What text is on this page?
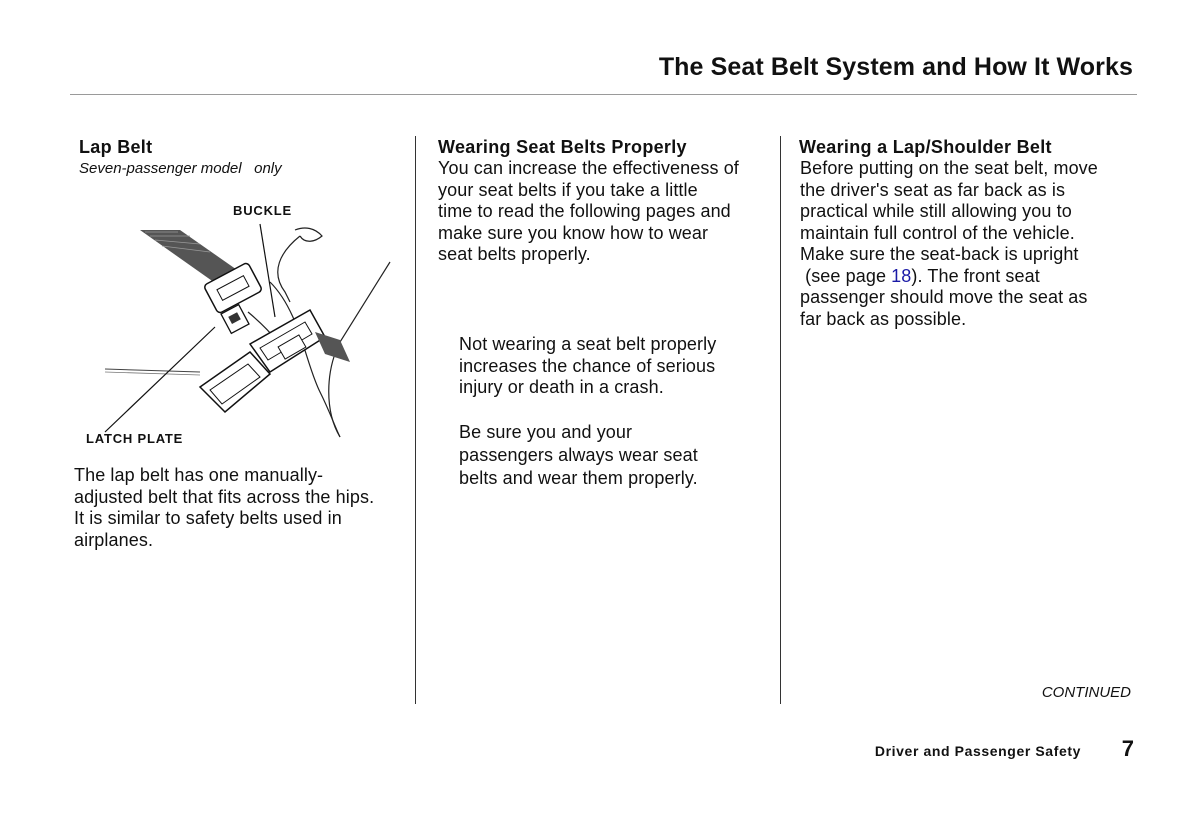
The Seat Belt System and How It Works
Lap Belt
Seven-passenger model   only
BUCKLE
LATCH PLATE

The lap belt has one manually-
adjusted belt that fits across the hips.
It is similar to safety belts used in
airplanes.

Wearing Seat Belts Properly

You can increase the effectiveness of
your seat belts if you take a little
time to read the following pages and
make sure you know how to wear
seat belts properly.

Not wearing a seat belt properly
increases the chance of serious
injury or death in a crash.

Be sure you and your
passengers always wear seat
belts and wear them properly.

Wearing a Lap/Shoulder Belt

Before putting on the seat belt, move
the driver's seat as far back as is
practical while still allowing you to
maintain full control of the vehicle.
Make sure the seat-back is upright
(see page 18). The front seat
passenger should move the seat as
far back as possible.

CONTINUED
Driver and Passenger Safety 7
